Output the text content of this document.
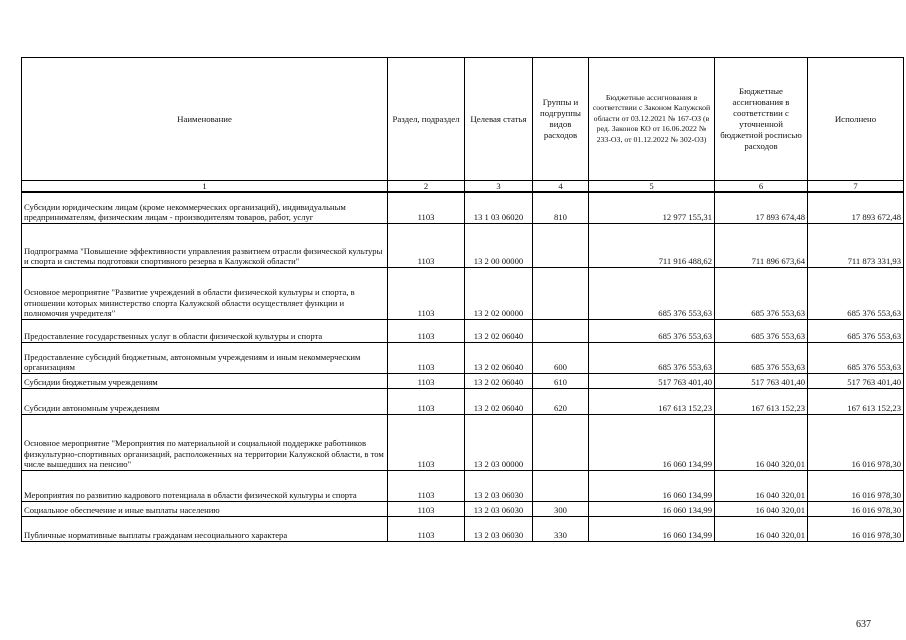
Наименование	Раздел, подраздел	Целевая статья	Группы и подгруппы видов расходов	Бюджетные ассигнования в соответствии с Законом Калужской области от 03.12.2021 № 167-ОЗ (в ред. Законов КО от 16.06.2022 № 233-ОЗ, от 01.12.2022 № 302-ОЗ)	Бюджетные ассигнования в соответствии с уточненной бюджетной росписью расходов	Исполнено
1	2	3	4	5	6	7
Субсидии юридическим лицам (кроме некоммерческих организаций), индивидуальным предпринимателям, физическим лицам - производителям товаров, работ, услуг	1103	13 1 03 06020	810	12 977 155,31	17 893 674,48	17 893 672,48
Подпрограмма "Повышение эффективности управления развитием отрасли физической культуры и спорта и системы подготовки спортивного резерва в Калужской области"	1103	13 2 00 00000		711 916 488,62	711 896 673,64	711 873 331,93
Основное мероприятие "Развитие учреждений в области физической культуры и спорта, в отношении которых министерство спорта Калужской области осуществляет функции и полномочия учредителя"	1103	13 2 02 00000		685 376 553,63	685 376 553,63	685 376 553,63
Предоставление государственных услуг в области физической культуры и спорта	1103	13 2 02 06040		685 376 553,63	685 376 553,63	685 376 553,63
Предоставление субсидий бюджетным, автономным учреждениям и иным некоммерческим организациям	1103	13 2 02 06040	600	685 376 553,63	685 376 553,63	685 376 553,63
Субсидии бюджетным учреждениям	1103	13 2 02 06040	610	517 763 401,40	517 763 401,40	517 763 401,40
Субсидии автономным учреждениям	1103	13 2 02 06040	620	167 613 152,23	167 613 152,23	167 613 152,23
Основное мероприятие "Мероприятия по материальной и социальной поддержке работников физкультурно-спортивных организаций, расположенных на территории Калужской области, в том числе вышедших на пенсию"	1103	13 2 03 00000		16 060 134,99	16 040 320,01	16 016 978,30
Мероприятия по развитию кадрового потенциала в области физической культуры и спорта	1103	13 2 03 06030		16 060 134,99	16 040 320,01	16 016 978,30
Социальное обеспечение и иные выплаты населению	1103	13 2 03 06030	300	16 060 134,99	16 040 320,01	16 016 978,30
Публичные нормативные выплаты гражданам несоциального характера	1103	13 2 03 06030	330	16 060 134,99	16 040 320,01	16 016 978,30
637
